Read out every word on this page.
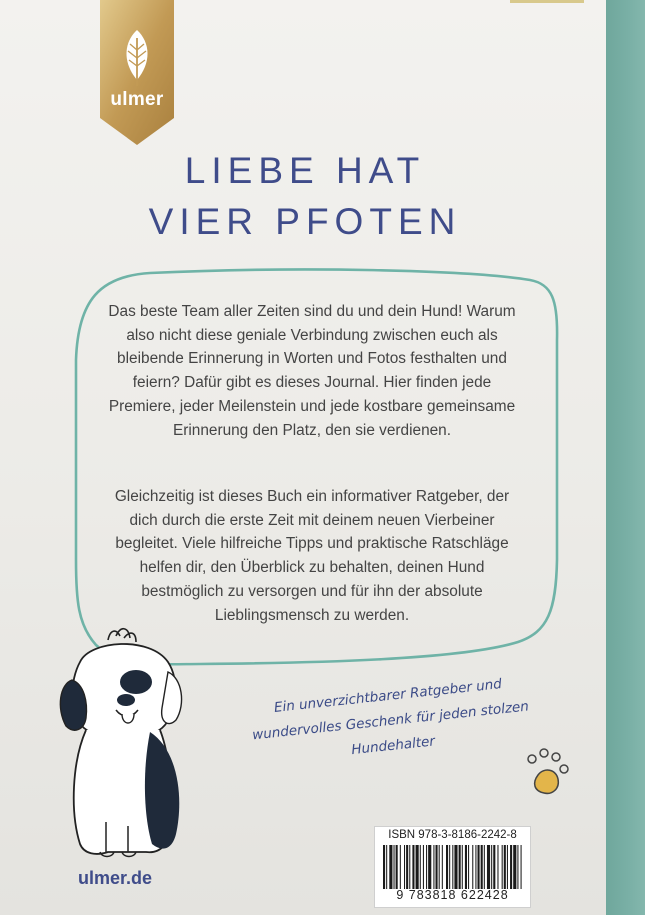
ulmer
LIEBE HAT
VIER PFOTEN

Das beste Team aller Zeiten sind du und dein Hund! Warum also nicht diese geniale Verbindung zwischen euch als bleibende Erinnerung in Worten und Fotos festhalten und feiern? Dafür gibt es dieses Journal. Hier finden jede Premiere, jeder Meilenstein und jede kostbare gemeinsame Erinnerung den Platz, den sie verdienen.

Gleichzeitig ist dieses Buch ein informativer Ratgeber, der dich durch die erste Zeit mit deinem neuen Vierbeiner begleitet. Viele hilfreiche Tipps und praktische Ratschläge helfen dir, den Überblick zu behalten, deinen Hund bestmöglich zu versorgen und für ihn der absolute Lieblingsmensch zu werden.

Ein unverzichtbarer Ratgeber und wundervolles Geschenk für jeden stolzen Hundehalter
ulmer.de
ISBN 978-3-8186-2242-8
9 783818 622428
